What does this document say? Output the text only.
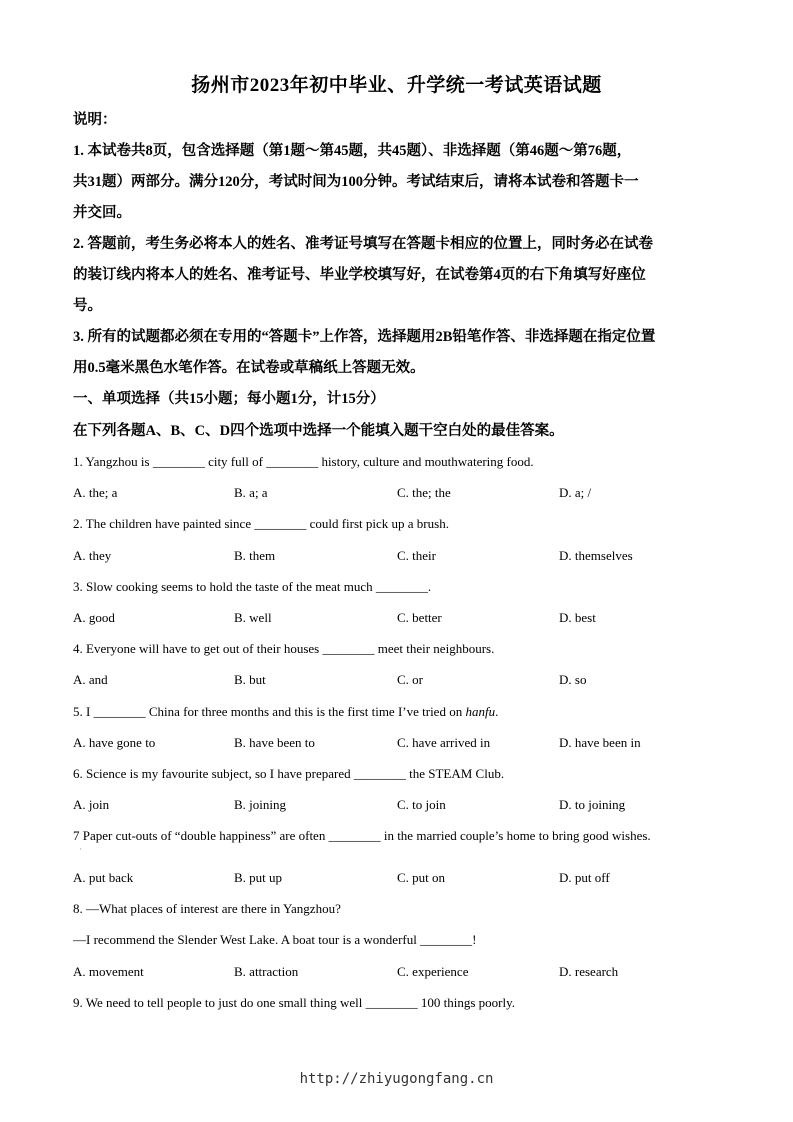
扬州市2023年初中毕业、升学统一考试英语试题
说明：
1. 本试卷共8页，包含选择题（第1题～第45题，共45题）、非选择题（第46题～第76题，
共31题）两部分。满分120分，考试时间为100分钟。考试结束后，请将本试卷和答题卡一
并交回。
2. 答题前，考生务必将本人的姓名、准考证号填写在答题卡相应的位置上，同时务必在试卷
的装订线内将本人的姓名、准考证号、毕业学校填写好，在试卷第4页的右下角填写好座位
号。
3. 所有的试题都必须在专用的“答题卡”上作答，选择题用2B铅笔作答、非选择题在指定位置
用0.5毫米黑色水笔作答。在试卷或草稿纸上答题无效。
一、单项选择（共15小题；每小题1分，计15分）
在下列各题A、B、C、D四个选项中选择一个能填入题干空白处的最佳答案。
1. Yangzhou is ________ city full of ________ history, culture and mouthwatering food.
A. the; a	B. a; a	C. the; the	D. a; /
2. The children have painted since ________ could first pick up a brush.
A. they	B. them	C. their	D. themselves
3. Slow cooking seems to hold the taste of the meat much ________.
A. good	B. well	C. better	D. best
4. Everyone will have to get out of their houses ________ meet their neighbours.
A. and	B. but	C. or	D. so
5. I ________ China for three months and this is the first time I’ve tried on hanfu.
A. have gone to	B. have been to	C. have arrived in	D. have been in
6. Science is my favourite subject, so I have prepared ________ the STEAM Club.
A. join	B. joining	C. to join	D. to joining
7 Paper cut-outs of “double happiness” are often ________ in the married couple’s home to bring good wishes.
·
A. put back	B. put up	C. put on	D. put off
8. —What places of interest are there in Yangzhou?
—I recommend the Slender West Lake. A boat tour is a wonderful ________!
A. movement	B. attraction	C. experience	D. research
9. We need to tell people to just do one small thing well ________ 100 things poorly.
http://zhiyugongfang.cn
